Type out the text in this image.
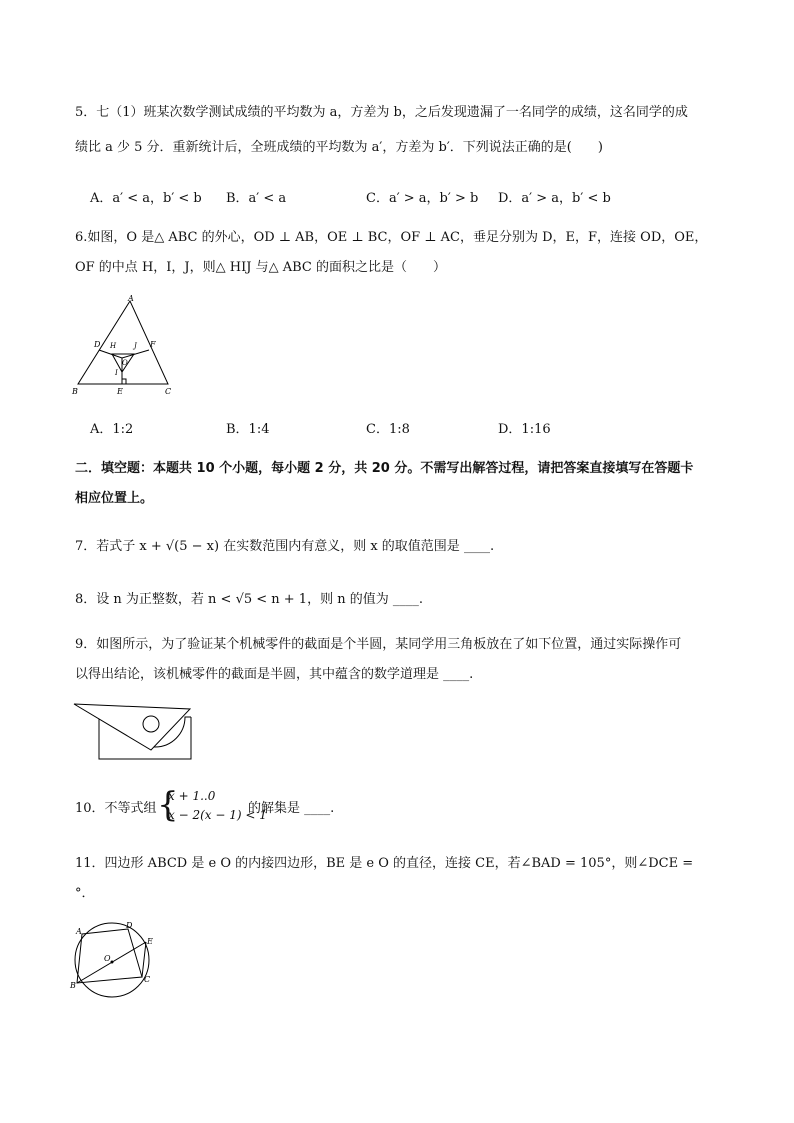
5．七（1）班某次数学测试成绩的平均数为 a，方差为 b，之后发现遗漏了一名同学的成绩，这名同学的成
绩比 a 少 5 分．重新统计后，全班成绩的平均数为 a′，方差为 b′．下列说法正确的是(　　)
A．a′ < a，b′ < b B．a′ < a	C．a′ > a，b′ > b D．a′ > a，b′ < b
6.如图，O 是△ ABC 的外心，OD ⊥ AB，OE ⊥ BC，OF ⊥ AC，垂足分别为 D，E，F，连接 OD，OE，
OF 的中点 H，I，J，则△ HIJ 与△ ABC 的面积之比是（　　）
A
B	C
D
E
F
H
I
J
O
A．1:2	B．1:4	C．1:8	D．1:16
二．填空题：本题共 10 个小题，每小题 2 分，共 20 分。不需写出解答过程，请把答案直接填写在答题卡
相应位置上。
7．若式子 x + √(5 − x) 在实数范围内有意义，则 x 的取值范围是 ____.
8．设 n 为正整数，若 n < √5 < n + 1，则 n 的值为 ____.
9．如图所示，为了验证某个机械零件的截面是个半圆，某同学用三角板放在了如下位置，通过实际操作可
以得出结论，该机械零件的截面是半圆，其中蕴含的数学道理是 ____.
10．不等式组 {
x + 1..0
x − 2(x − 1) < 1
的解集是 ____.
11．四边形 ABCD 是 e O 的内接四边形，BE 是 e O 的直径，连接 CE，若∠BAD = 105°，则∠DCE =
°．
A
B
C
D
E
O
